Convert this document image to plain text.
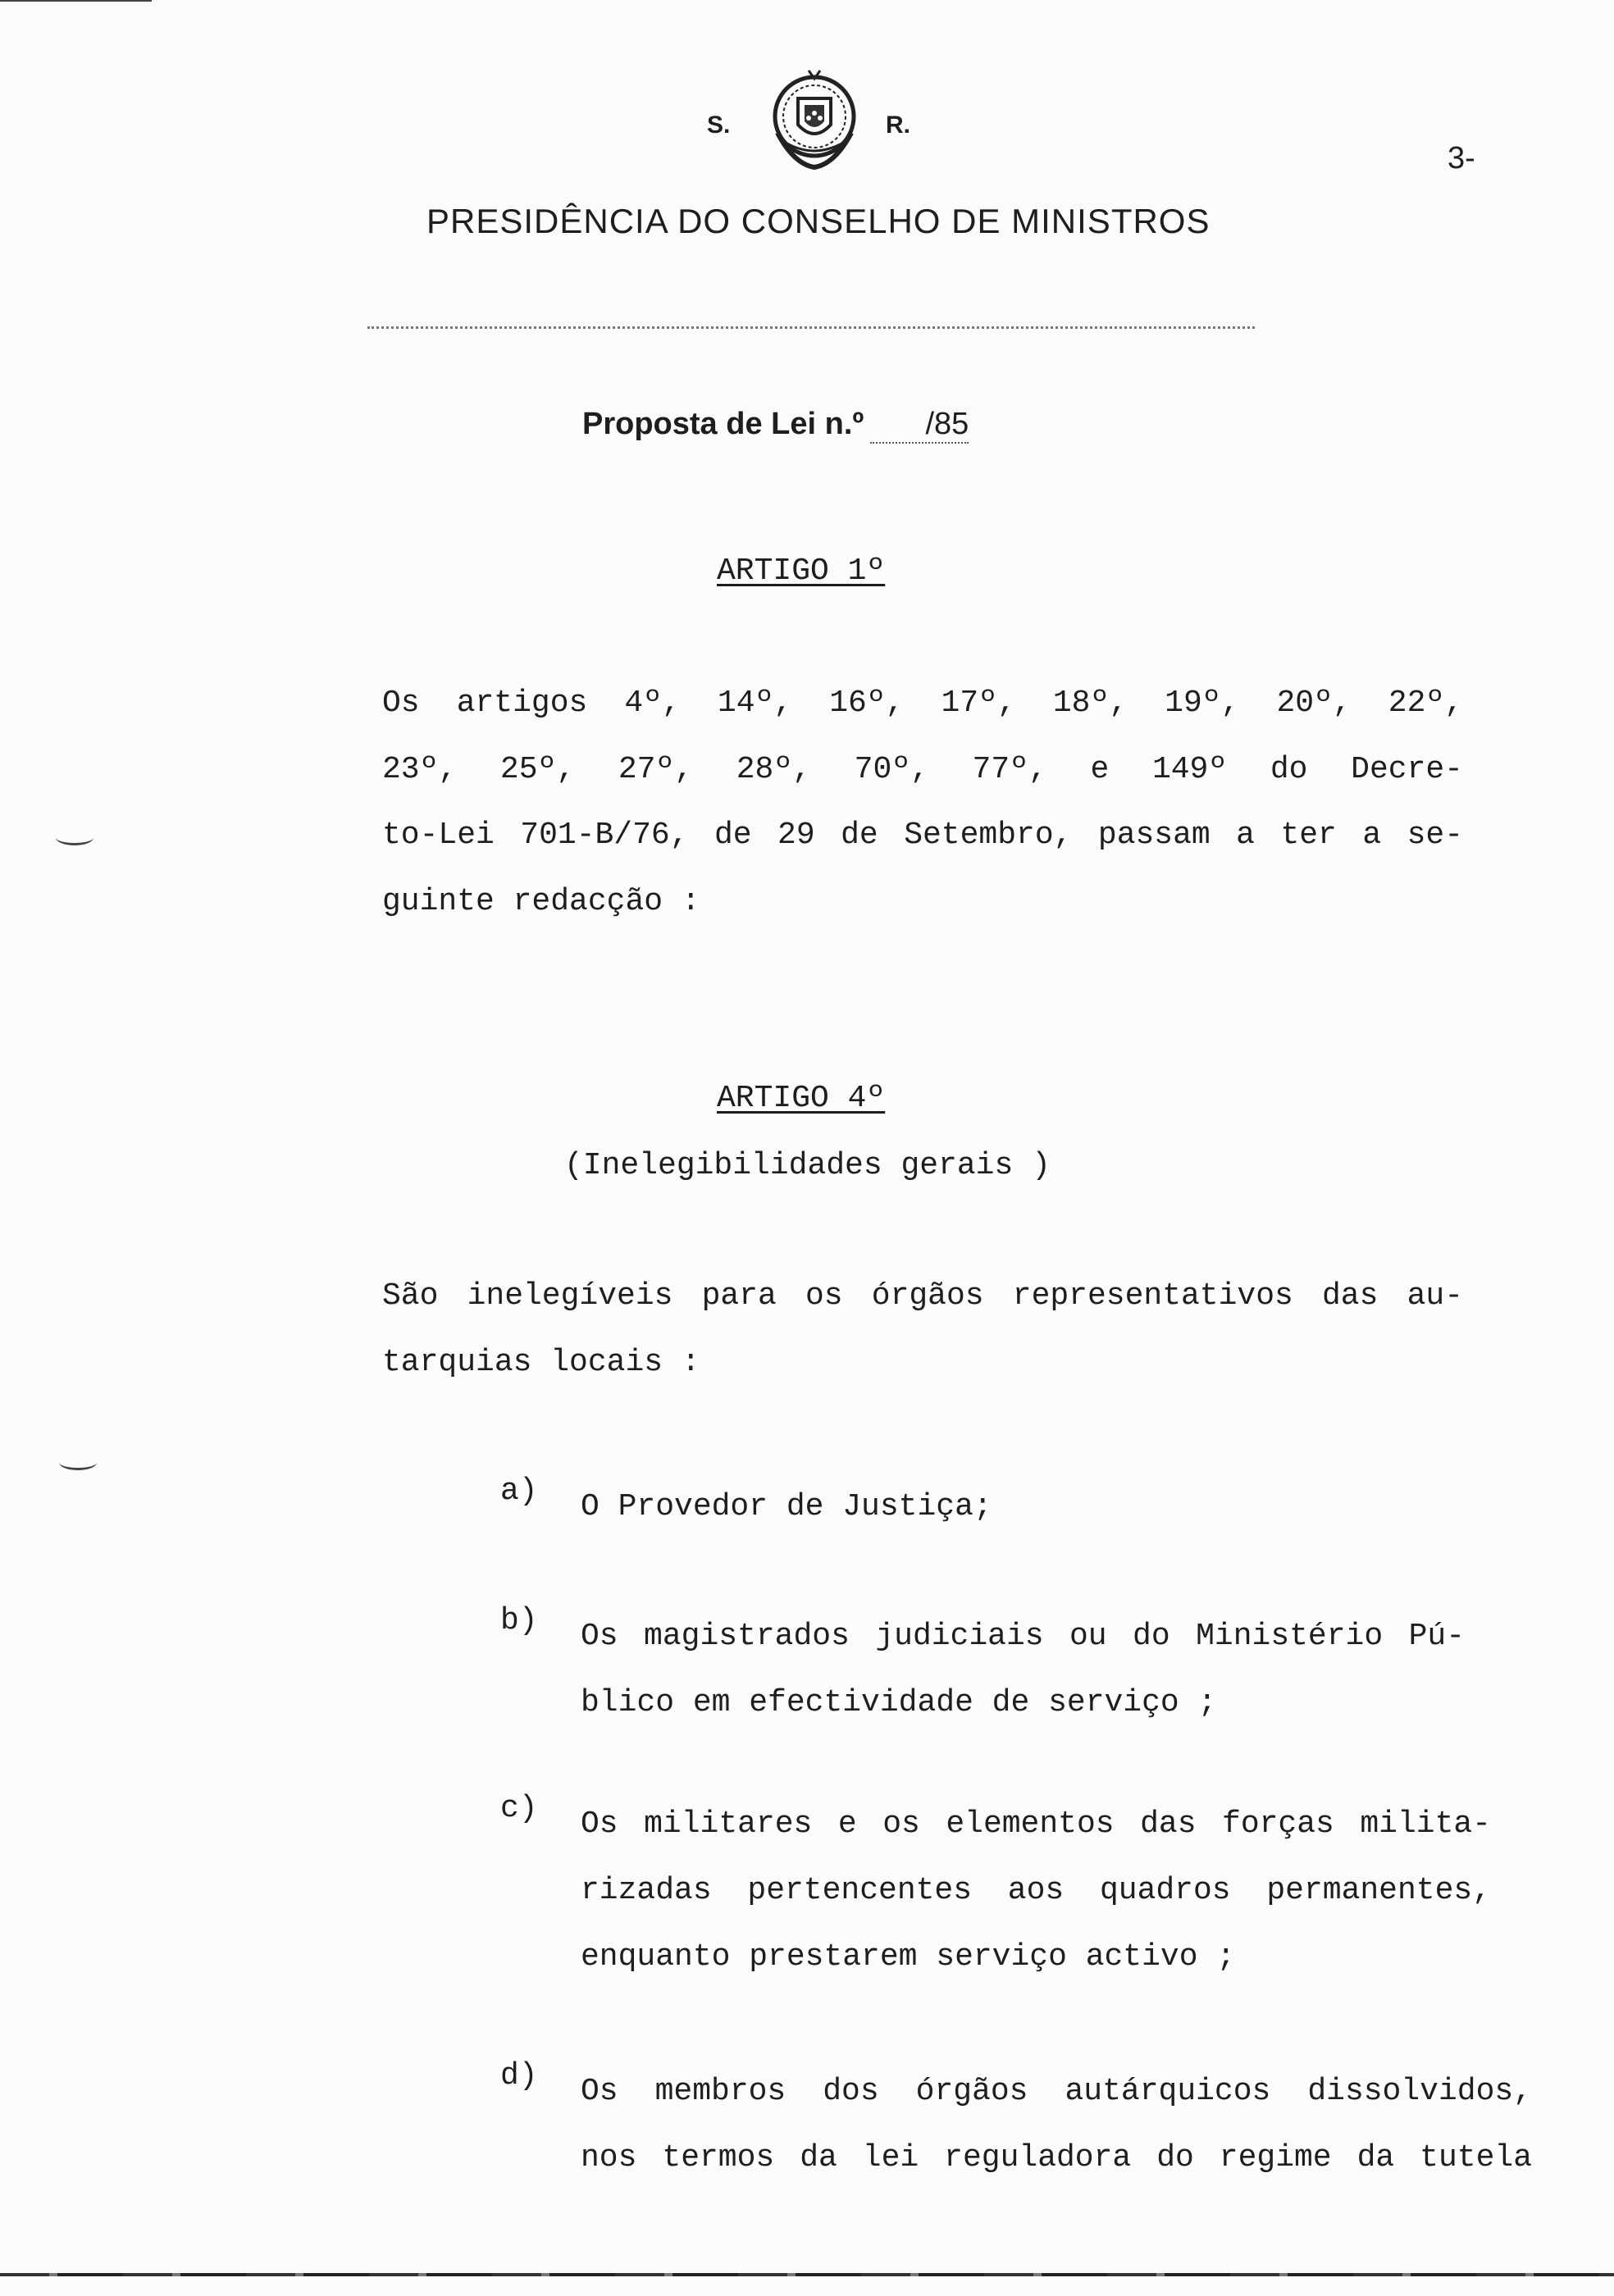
S.	R.
3-
PRESIDÊNCIA DO CONSELHO DE MINISTROS
Proposta de Lei n.º /85
ARTIGO 1º
Os artigos 4º, 14º, 16º, 17º, 18º, 19º, 20º, 22º,
23º, 25º, 27º, 28º, 70º, 77º, e 149º do Decre-
to-Lei 701-B/76, de 29 de Setembro, passam a ter a se-
guinte redacção :
ARTIGO 4º
(Inelegibilidades gerais )
São inelegíveis para os órgãos representativos das au-
tarquias locais :
a) O Provedor de Justiça;
b) Os magistrados judiciais ou do Ministério Pú-
blico em efectividade de serviço ;
c) Os militares e os elementos das forças milita-
rizadas pertencentes aos quadros permanentes,
enquanto prestarem serviço activo ;
d) Os membros dos órgãos autárquicos dissolvidos,
nos termos da lei reguladora do regime da tutela
